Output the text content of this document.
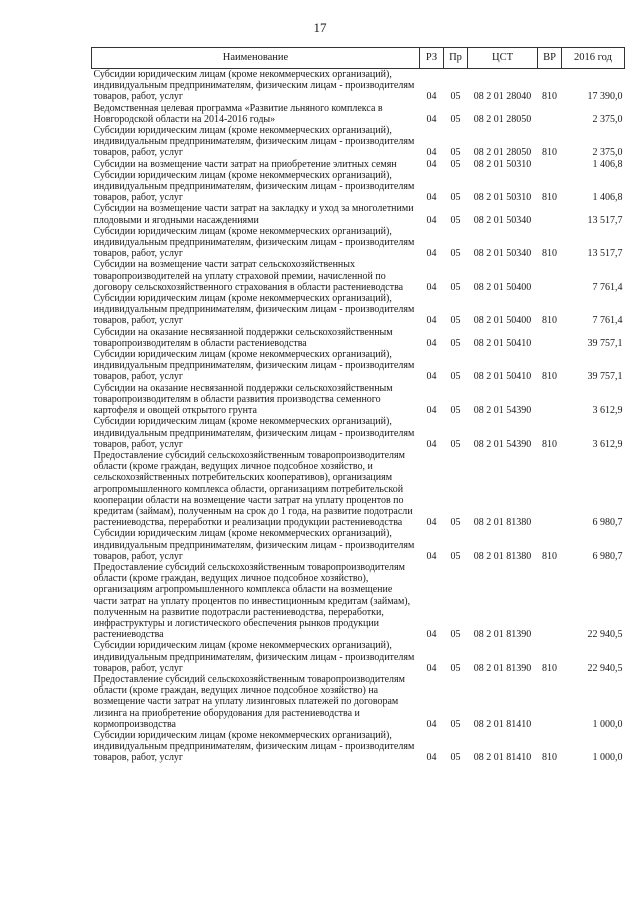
17
Наименование	РЗ	Пр	ЦСТ	ВР	2016 год
Субсидии юридическим лицам (кроме некоммерческих организаций), индивидуальным предпринимателям, физическим лицам - производителям товаров, работ, услуг	04	05	08 2 01 28040	810	17 390,0
Ведомственная целевая программа «Развитие льняного комплекса в Новгородской области на 2014-2016 годы»	04	05	08 2 01 28050		2 375,0
Субсидии юридическим лицам (кроме некоммерческих организаций), индивидуальным предпринимателям, физическим лицам - производителям товаров, работ, услуг	04	05	08 2 01 28050	810	2 375,0
Субсидии на возмещение части затрат на приобретение элитных семян	04	05	08 2 01 50310		1 406,8
Субсидии юридическим лицам (кроме некоммерческих организаций), индивидуальным предпринимателям, физическим лицам - производителям товаров, работ, услуг	04	05	08 2 01 50310	810	1 406,8
Субсидии на возмещение части затрат на закладку и уход за многолетними плодовыми и ягодными насаждениями	04	05	08 2 01 50340		13 517,7
Субсидии юридическим лицам (кроме некоммерческих организаций), индивидуальным предпринимателям, физическим лицам - производителям товаров, работ, услуг	04	05	08 2 01 50340	810	13 517,7
Субсидии на возмещение части затрат сельскохозяйственных товаропроизводителей на уплату страховой премии, начисленной по договору сельскохозяйственного страхования в области растениеводства	04	05	08 2 01 50400		7 761,4
Субсидии юридическим лицам (кроме некоммерческих организаций), индивидуальным предпринимателям, физическим лицам - производителям товаров, работ, услуг	04	05	08 2 01 50400	810	7 761,4
Субсидии на оказание несвязанной поддержки сельскохозяйственным товаропроизводителям в области растениеводства	04	05	08 2 01 50410		39 757,1
Субсидии юридическим лицам (кроме некоммерческих организаций), индивидуальным предпринимателям, физическим лицам - производителям товаров, работ, услуг	04	05	08 2 01 50410	810	39 757,1
Субсидии на оказание несвязанной поддержки сельскохозяйственным товаропроизводителям в области развития производства семенного картофеля и овощей открытого грунта	04	05	08 2 01 54390		3 612,9
Субсидии юридическим лицам (кроме некоммерческих организаций), индивидуальным предпринимателям, физическим лицам - производителям товаров, работ, услуг	04	05	08 2 01 54390	810	3 612,9
Предоставление субсидий сельскохозяйственным товаропроизводителям области (кроме граждан, ведущих личное подсобное хозяйство, и сельскохозяйственных потребительских кооперативов), организациям агропромышленного комплекса области, организациям потребительской кооперации области на возмещение части затрат на уплату процентов по кредитам (займам), полученным на срок до 1 года, на развитие подотрасли растениеводства, переработки и реализации продукции растениеводства	04	05	08 2 01 81380		6 980,7
Субсидии юридическим лицам (кроме некоммерческих организаций), индивидуальным предпринимателям, физическим лицам - производителям товаров, работ, услуг	04	05	08 2 01 81380	810	6 980,7
Предоставление субсидий сельскохозяйственным товаропроизводителям области (кроме граждан, ведущих личное подсобное хозяйство), организациям агропромышленного комплекса области на возмещение части затрат на уплату процентов по инвестиционным кредитам (займам), полученным на развитие подотрасли растениеводства, переработки, инфраструктуры и логистического обеспечения рынков продукции растениеводства	04	05	08 2 01 81390		22 940,5
Субсидии юридическим лицам (кроме некоммерческих организаций), индивидуальным предпринимателям, физическим лицам - производителям товаров, работ, услуг	04	05	08 2 01 81390	810	22 940,5
Предоставление субсидий сельскохозяйственным товаропроизводителям области (кроме граждан, ведущих личное подсобное хозяйство) на возмещение части затрат на уплату лизинговых платежей по договорам лизинга на приобретение оборудования для растениеводства и кормопроизводства	04	05	08 2 01 81410		1 000,0
Субсидии юридическим лицам (кроме некоммерческих организаций), индивидуальным предпринимателям, физическим лицам - производителям товаров, работ, услуг	04	05	08 2 01 81410	810	1 000,0
